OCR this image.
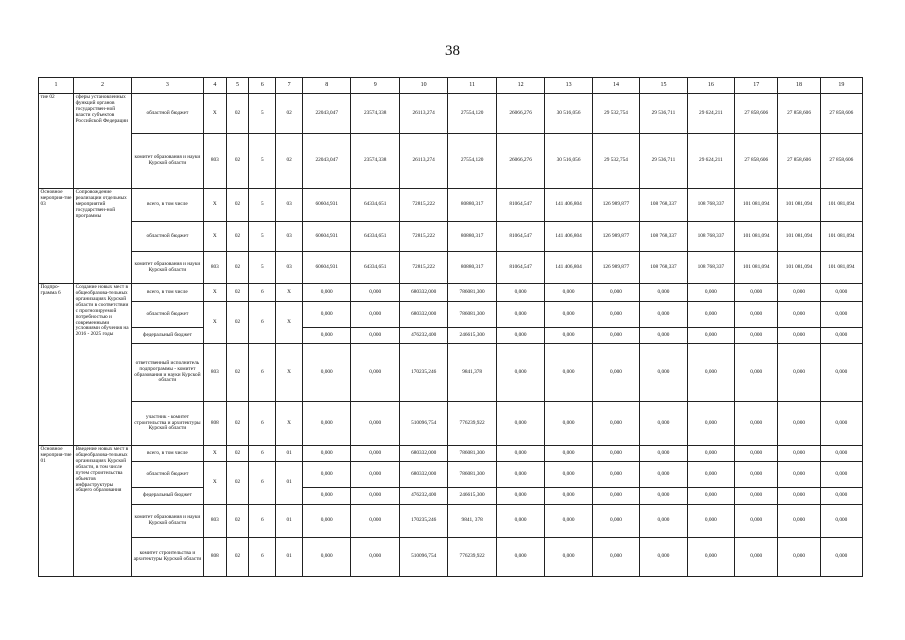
38
1	2	3	4	5	6	7	8	9	10	11	12	13	14	15	16	17	18	19
тие 02	сферы установленных функций органов государствен-ной власти субъектов Российской Федерации	областной бюджет	X	02	5	02	22043,047	23574,338	26113,274	27554,120	26066,276	30 516,056	29 532,754	29 536,711	29 624,211	27 858,606	27 858,606	27 858,606
		комитет образования и науки Курской области	803	02	5	02	22043,047	23574,338	26113,274	27554,120	26066,276	30 516,056	29 532,754	29 536,711	29 624,211	27 858,606	27 858,606	27 858,606
Основное мероприя-тие 03	Сопровождение реализации отдельных мероприятий государствен-ной программы	всего, в том числе	X	02	5	03	60604,931	64334,651	72815,222	80880,317	81064,547	141 406,804	126 989,877	108 768,337	108 768,337	101 081,094	101 081,094	101 081,094
		областной бюджет	X	02	5	03	60604,931	64334,651	72815,222	80880,317	81064,547	141 406,804	126 989,877	108 768,337	108 768,337	101 081,094	101 081,094	101 081,094
		комитет образования и науки Курской области	803	02	5	03	60604,931	64334,651	72815,222	80880,317	81064,547	141 406,804	126 989,877	108 768,337	108 768,337	101 081,094	101 081,094	101 081,094
Подпро-грамма 6	Создание новых мест в общеобразова-тельных организациях Курской области в соответствии с прогнозируемой потребностью и современными условиями обучения на 2016 - 2025 годы	всего, в том числе	X	02	6	X	0,000	0,000	680332,000	786081,300	0,000	0,000	0,000	0,000	0,000	0,000	0,000	0,000
		областной бюджет	X	02	6	X	0,000	0,000	680332,000	786081,300	0,000	0,000	0,000	0,000	0,000	0,000	0,000	0,000
		федеральный бюджет					0,000	0,000	476232,400	246615,300	0,000	0,000	0,000	0,000	0,000	0,000	0,000	0,000
		ответственный исполнитель подпрограммы - комитет образования и науки Курской области	803	02	6	X	0,000	0,000	170235,246	9841,378	0,000	0,000	0,000	0,000	0,000	0,000	0,000	0,000
		участник - комитет строительства и архитектуры Курской области	808	02	6	X	0,000	0,000	510096,754	776239,922	0,000	0,000	0,000	0,000	0,000	0,000	0,000	0,000
Основное мероприя-тие 01	Введение новых мест в общеобразова-тельных организациях Курской области, в том числе путем строительства объектов инфраструктуры общего образования	всего, в том числе	X	02	6	01	0,000	0,000	680332,000	786081,300	0,000	0,000	0,000	0,000	0,000	0,000	0,000	0,000
		областной бюджет	X	02	6	01	0,000	0,000	680332,000	786081,300	0,000	0,000	0,000	0,000	0,000	0,000	0,000	0,000
		федеральный бюджет					0,000	0,000	476232,400	246615,300	0,000	0,000	0,000	0,000	0,000	0,000	0,000	0,000
		комитет образования и науки Курской области	803	02	6	01	0,000	0,000	170235,246	9841, 378	0,000	0,000	0,000	0,000	0,000	0,000	0,000	0,000
		комитет строительства и архитектуры Курской области	808	02	6	01	0,000	0,000	510096,754	776239,922	0,000	0,000	0,000	0,000	0,000	0,000	0,000	0,000
